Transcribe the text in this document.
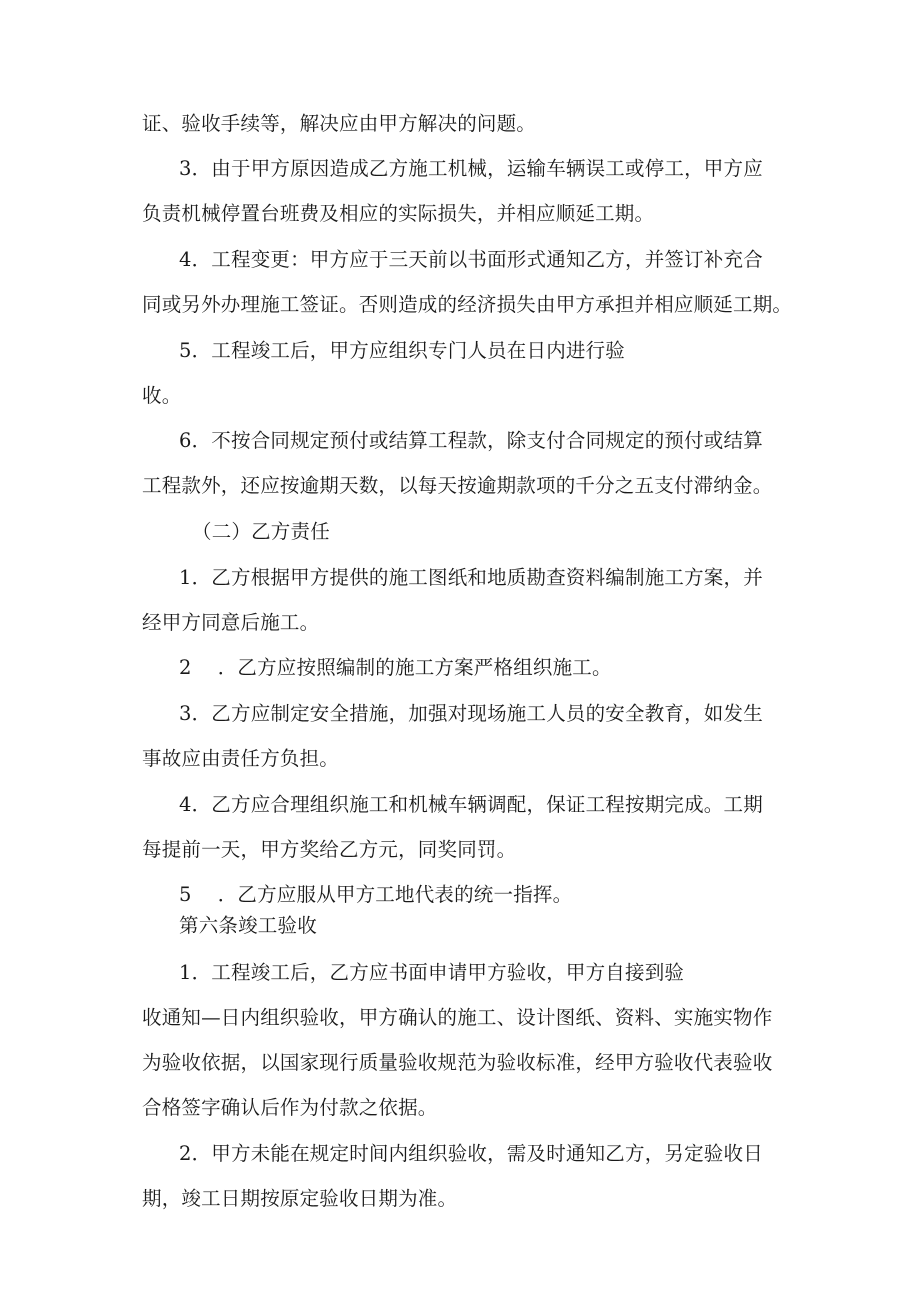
证、验收手续等，解决应由甲方解决的问题。
3．由于甲方原因造成乙方施工机械，运输车辆误工或停工，甲方应
负责机械停置台班费及相应的实际损失，并相应顺延工期。
4．工程变更：甲方应于三天前以书面形式通知乙方，并签订补充合
同或另外办理施工签证。否则造成的经济损失由甲方承担并相应顺延工期。
5．工程竣工后，甲方应组织专门人员在日内进行验
收。
6．不按合同规定预付或结算工程款，除支付合同规定的预付或结算
工程款外，还应按逾期天数，以每天按逾期款项的千分之五支付滞纳金。
（二）乙方责任
1．乙方根据甲方提供的施工图纸和地质勘查资料编制施工方案，并
经甲方同意后施工。
2　 ．乙方应按照编制的施工方案严格组织施工。
3．乙方应制定安全措施，加强对现场施工人员的安全教育，如发生
事故应由责任方负担。
4．乙方应合理组织施工和机械车辆调配，保证工程按期完成。工期
每提前一天，甲方奖给乙方元，同奖同罚。
5　 ．乙方应服从甲方工地代表的统一指挥。
第六条竣工验收
1．工程竣工后，乙方应书面申请甲方验收，甲方自接到验
收通知—日内组织验收，甲方确认的施工、设计图纸、资料、实施实物作
为验收依据，以国家现行质量验收规范为验收标准，经甲方验收代表验收
合格签字确认后作为付款之依据。
2．甲方未能在规定时间内组织验收，需及时通知乙方，另定验收日
期，竣工日期按原定验收日期为准。
